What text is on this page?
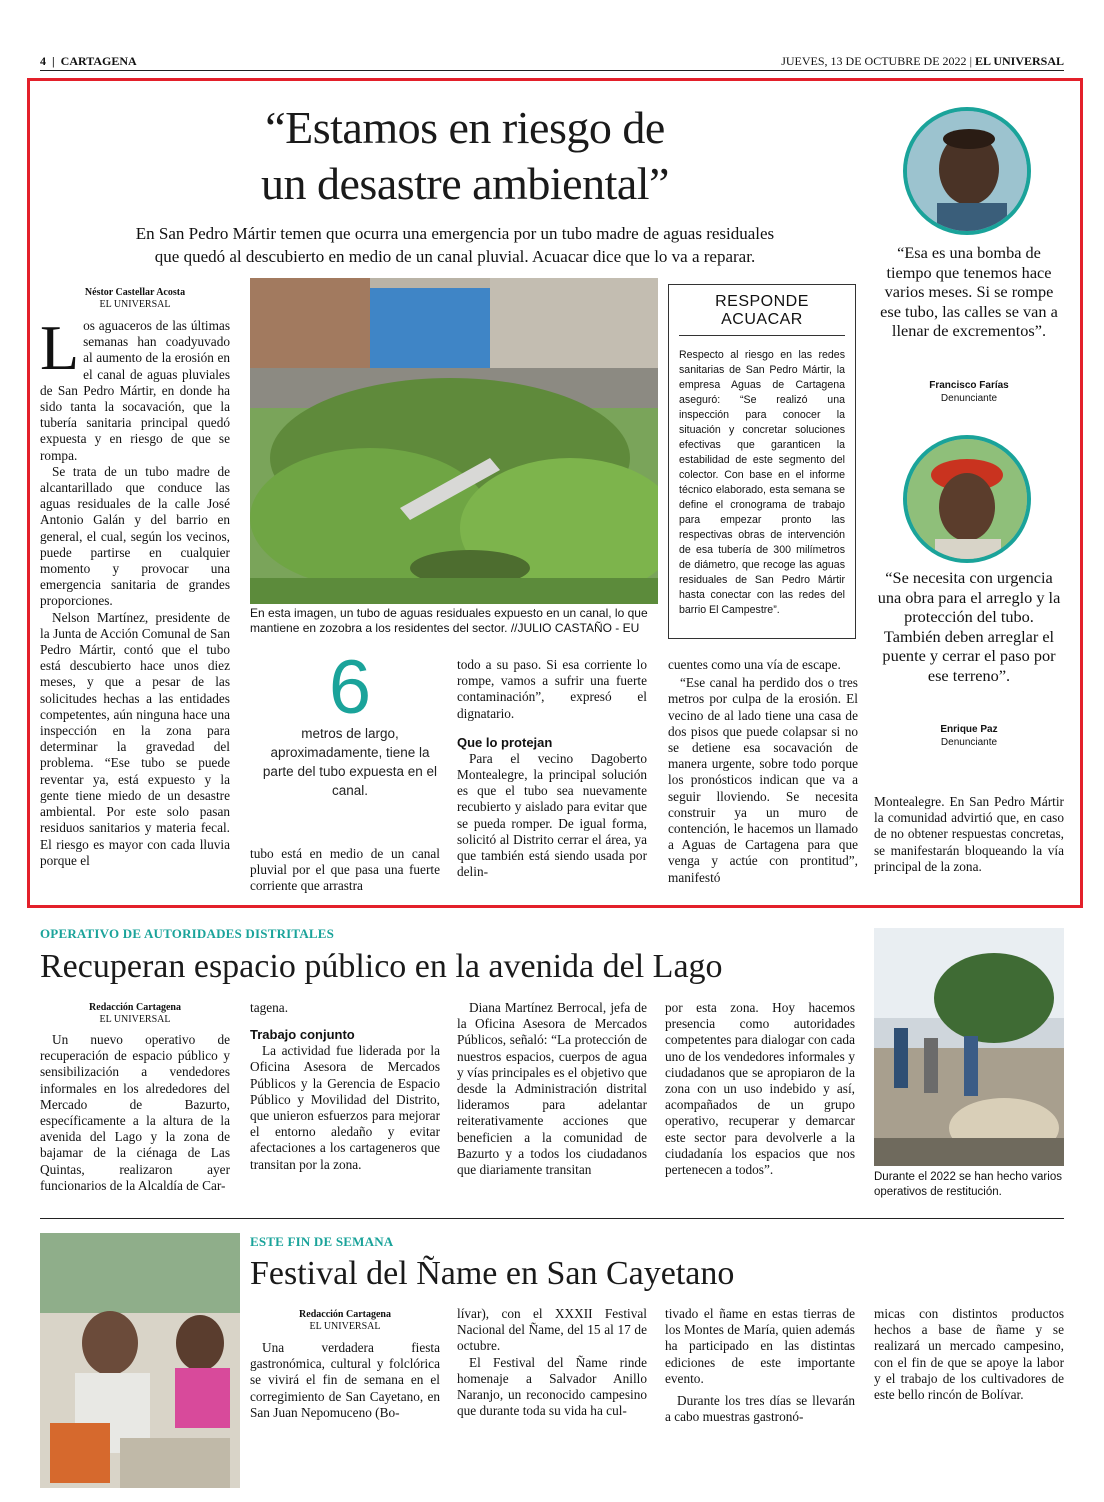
4  |  CARTAGENA	JUEVES, 13 DE OCTUBRE DE 2022 | EL UNIVERSAL
“Estamos en riesgo de
un desastre ambiental”
En San Pedro Mártir temen que ocurra una emergencia por un tubo madre de aguas residuales
que quedó al descubierto en medio de un canal pluvial. Acuacar dice que lo va a reparar.
Néstor Castellar Acosta
EL UNIVERSAL

Los aguaceros de las últimas semanas han coadyuvado al aumento de la erosión en el canal de aguas pluviales de San Pedro Mártir, en donde ha sido tanta la socavación, que la tubería sanitaria principal quedó expuesta y en riesgo de que se rompa.

Se trata de un tubo madre de alcantarillado que conduce las aguas residuales de la calle José Antonio Galán y del barrio en general, el cual, según los vecinos, puede partirse en cualquier momento y provocar una emergencia sanitaria de grandes proporciones.

Nelson Martínez, presidente de la Junta de Acción Comunal de San Pedro Mártir, contó que el tubo está descubierto hace unos diez meses, y que a pesar de las solicitudes hechas a las entidades competentes, aún ninguna hace una inspección en la zona para determinar la gravedad del problema. “Ese tubo se puede reventar ya, está expuesto y la gente tiene miedo de un desastre ambiental. Por este solo pasan residuos sanitarios y materia fecal. El riesgo es mayor con cada lluvia porque el

En esta imagen, un tubo de aguas residuales expuesto en un canal, lo que mantiene en zozobra a los residentes del sector. //JULIO CASTAÑO - EU
6
metros de largo, aproximadamente, tiene la parte del tubo expuesta en el canal.

tubo está en medio de un canal pluvial por el que pasa una fuerte corriente que arrastra

todo a su paso. Si esa corriente lo rompe, vamos a sufrir una fuerte contaminación”, expresó el dignatario.

Que lo protejan

Para el vecino Dagoberto Montealegre, la principal solución es que el tubo sea nuevamente recubierto y aislado para evitar que se pueda romper. De igual forma, solicitó al Distrito cerrar el área, ya que también está siendo usada por delin-

cuentes como una vía de escape.

“Ese canal ha perdido dos o tres metros por culpa de la erosión. El vecino de al lado tiene una casa de dos pisos que puede colapsar si no se detiene esa socavación de manera urgente, sobre todo porque los pronósticos indican que va a seguir lloviendo. Se necesita construir ya un muro de contención, le hacemos un llamado a Aguas de Cartagena para que venga y actúe con prontitud”, manifestó

Montealegre. En San Pedro Mártir la comunidad advirtió que, en caso de no obtener respuestas concretas, se manifestarán bloqueando la vía principal de la zona.

RESPONDE ACUACAR
Respecto al riesgo en las redes sanitarias de San Pedro Mártir, la empresa Aguas de Cartagena aseguró: “Se realizó una inspección para conocer la situación y concretar soluciones efectivas que garanticen la estabilidad de este segmento del colector. Con base en el informe técnico elaborado, esta semana se define el cronograma de trabajo para empezar pronto las respectivas obras de intervención de esa tubería de 300 milímetros de diámetro, que recoge las aguas residuales de San Pedro Mártir hasta conectar con las redes del barrio El Campestre”.
“Esa es una bomba de tiempo que tenemos hace varios meses. Si se rompe ese tubo, las calles se van a llenar de excrementos”.
Francisco Farías
Denunciante
“Se necesita con urgencia una obra para el arreglo y la protección del tubo. También deben arreglar el puente y cerrar el paso por ese terreno”.
Enrique Paz
Denunciante
OPERATIVO DE AUTORIDADES DISTRITALES
Recuperan espacio público en la avenida del Lago
Redacción Cartagena
EL UNIVERSAL

Un nuevo operativo de recuperación de espacio público y sensibilización a vendedores informales en los alrededores del Mercado de Bazurto, específicamente a la altura de la avenida del Lago y la zona de bajamar de la ciénaga de Las Quintas, realizaron ayer funcionarios de la Alcaldía de Car-

tagena.

Trabajo conjunto

La actividad fue liderada por la Oficina Asesora de Mercados Públicos y la Gerencia de Espacio Público y Movilidad del Distrito, que unieron esfuerzos para mejorar el entorno aledaño y evitar afectaciones a los cartageneros que transitan por la zona.

Diana Martínez Berrocal, jefa de la Oficina Asesora de Mercados Públicos, señaló: “La protección de nuestros espacios, cuerpos de agua y vías principales es el objetivo que desde la Administración distrital lideramos para adelantar reiterativamente acciones que beneficien a la comunidad de Bazurto y a todos los ciudadanos que diariamente transitan

por esta zona. Hoy hacemos presencia como autoridades competentes para dialogar con cada uno de los vendedores informales y ciudadanos que se apropiaron de la zona con un uso indebido y así, acompañados de un grupo operativo, recuperar y demarcar este sector para devolverle a la ciudadanía los espacios que nos pertenecen a todos”.	Durante el 2022 se han hecho varios operativos de restitución.
ESTE FIN DE SEMANA
Festival del Ñame en San Cayetano
Redacción Cartagena
EL UNIVERSAL

Una verdadera fiesta gastronómica, cultural y folclórica se vivirá el fin de semana en el corregimiento de San Cayetano, en San Juan Nepomuceno (Bo-

lívar), con el XXXII Festival Nacional del Ñame, del 15 al 17 de octubre.

El Festival del Ñame rinde homenaje a Salvador Anillo Naranjo, un reconocido campesino que durante toda su vida ha cul-

tivado el ñame en estas tierras de los Montes de María, quien además ha participado en las distintas ediciones de este importante evento.

Durante los tres días se llevarán a cabo muestras gastronó-

micas con distintos productos hechos a base de ñame y se realizará un mercado campesino, con el fin de que se apoye la labor y el trabajo de los cultivadores de este bello rincón de Bolívar.
